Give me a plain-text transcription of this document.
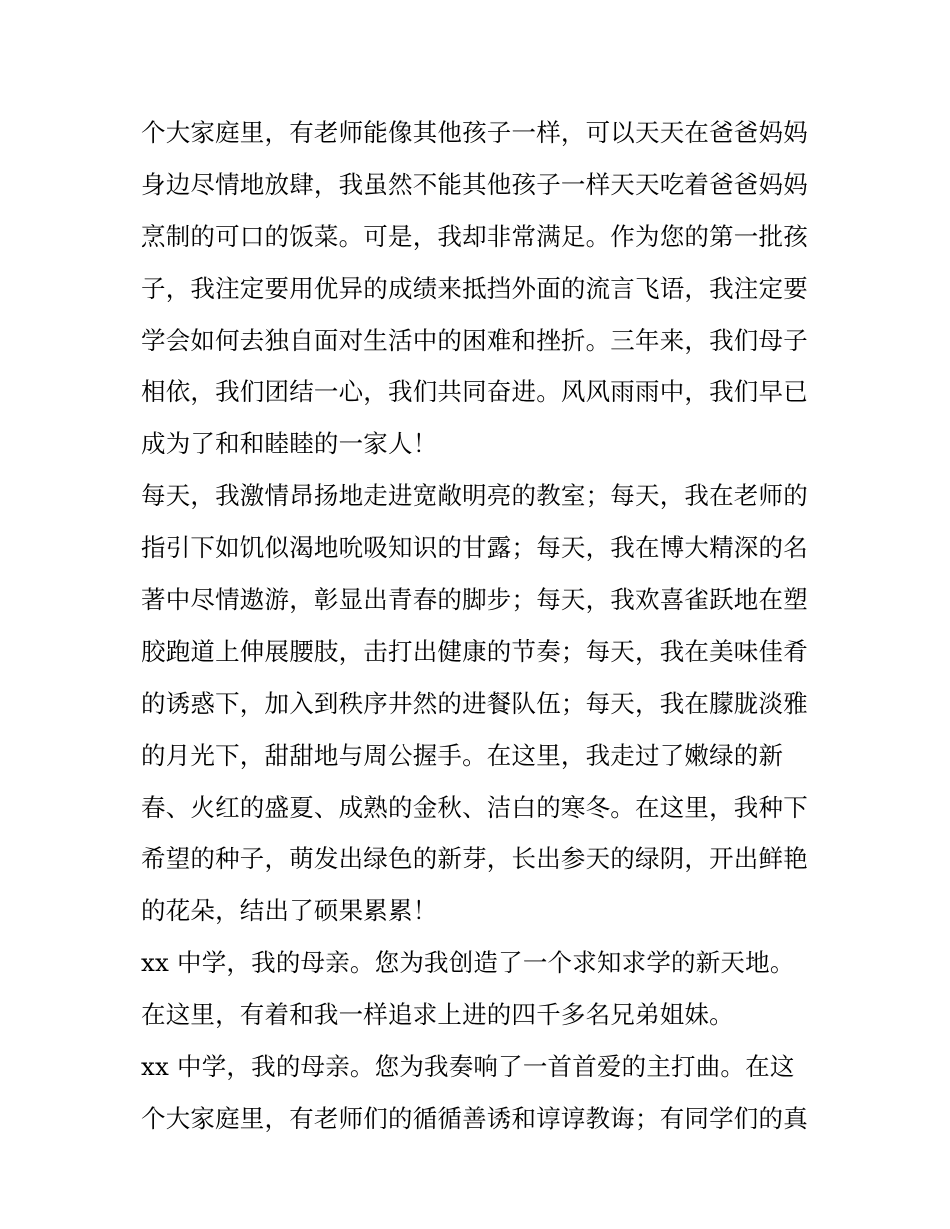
个大家庭里，有老师能像其他孩子一样，可以天天在爸爸妈妈
身边尽情地放肆，我虽然不能其他孩子一样天天吃着爸爸妈妈
烹制的可口的饭菜。可是，我却非常满足。作为您的第一批孩
子，我注定要用优异的成绩来抵挡外面的流言飞语，我注定要
学会如何去独自面对生活中的困难和挫折。三年来，我们母子
相依，我们团结一心，我们共同奋进。风风雨雨中，我们早已
成为了和和睦睦的一家人！
每天，我激情昂扬地走进宽敞明亮的教室；每天，我在老师的
指引下如饥似渴地吮吸知识的甘露；每天，我在博大精深的名
著中尽情遨游，彰显出青春的脚步；每天，我欢喜雀跃地在塑
胶跑道上伸展腰肢，击打出健康的节奏；每天，我在美味佳肴
的诱惑下，加入到秩序井然的进餐队伍；每天，我在朦胧淡雅
的月光下，甜甜地与周公握手。在这里，我走过了嫩绿的新
春、火红的盛夏、成熟的金秋、洁白的寒冬。在这里，我种下
希望的种子，萌发出绿色的新芽，长出参天的绿阴，开出鲜艳
的花朵，结出了硕果累累！
xx 中学，我的母亲。您为我创造了一个求知求学的新天地。
在这里，有着和我一样追求上进的四千多名兄弟姐妹。
xx 中学，我的母亲。您为我奏响了一首首爱的主打曲。在这
个大家庭里，有老师们的循循善诱和谆谆教诲；有同学们的真
